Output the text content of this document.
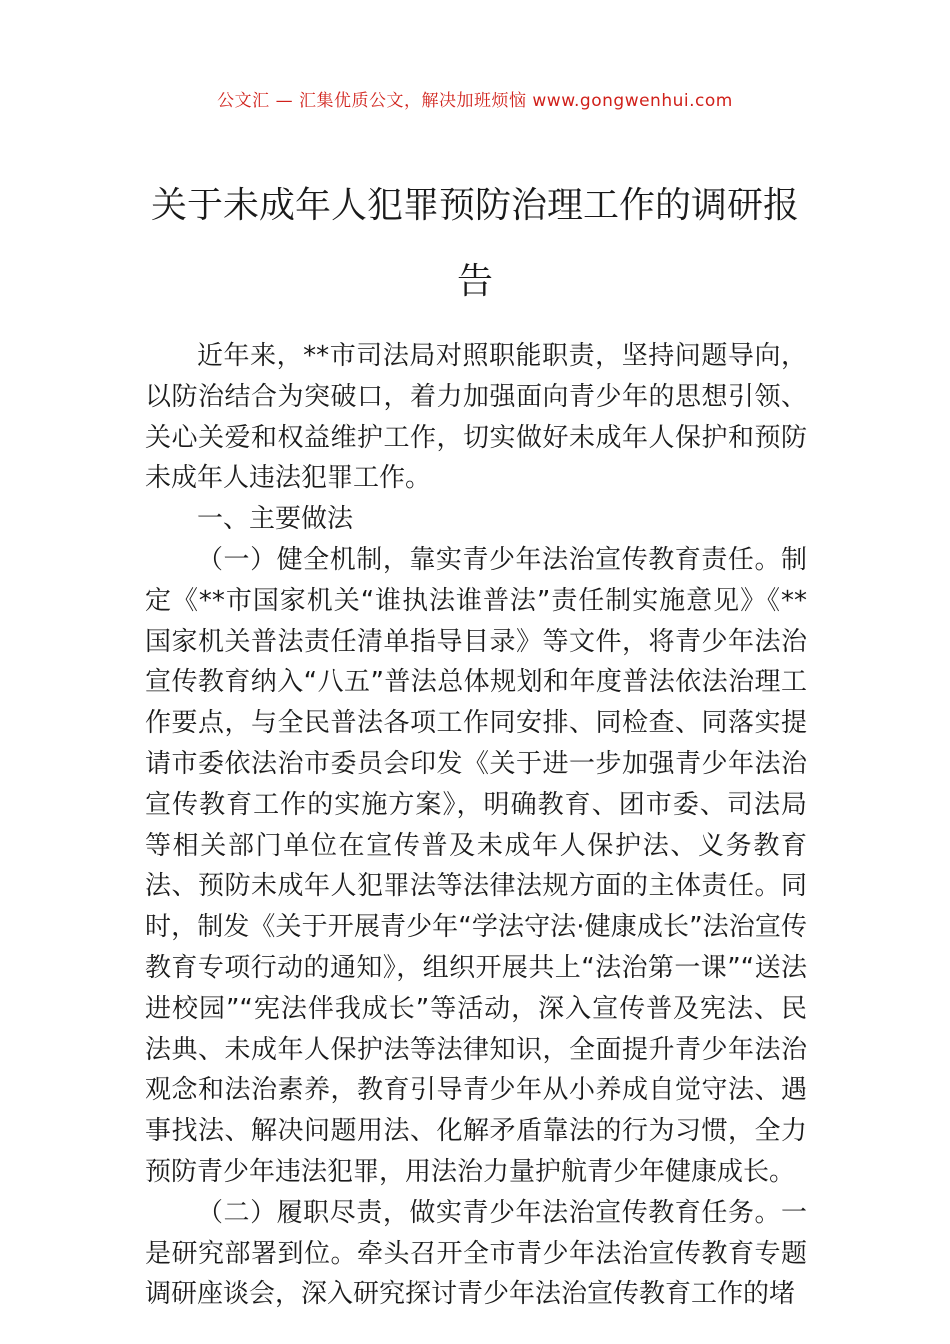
公文汇 — 汇集优质公文，解决加班烦恼 www.gongwenhui.com
关于未成年人犯罪预防治理工作的调研报告

近年来，**市司法局对照职能职责，坚持问题导向，以防治结合为突破口，着力加强面向青少年的思想引领、关心关爱和权益维护工作，切实做好未成年人保护和预防未成年人违法犯罪工作。

一、主要做法

（一）健全机制，靠实青少年法治宣传教育责任。制定《**市国家机关“谁执法谁普法”责任制实施意见》《**国家机关普法责任清单指导目录》等文件，将青少年法治宣传教育纳入“八五”普法总体规划和年度普法依法治理工作要点，与全民普法各项工作同安排、同检查、同落实提请市委依法治市委员会印发《关于进一步加强青少年法治宣传教育工作的实施方案》，明确教育、团市委、司法局等相关部门单位在宣传普及未成年人保护法、义务教育法、预防未成年人犯罪法等法律法规方面的主体责任。同时，制发《关于开展青少年“学法守法·健康成长”法治宣传教育专项行动的通知》，组织开展共上“法治第一课”“送法进校园”“宪法伴我成长”等活动，深入宣传普及宪法、民法典、未成年人保护法等法律知识，全面提升青少年法治观念和法治素养，教育引导青少年从小养成自觉守法、遇事找法、解决问题用法、化解矛盾靠法的行为习惯，全力预防青少年违法犯罪，用法治力量护航青少年健康成长。

（二）履职尽责，做实青少年法治宣传教育任务。一是研究部署到位。牵头召开全市青少年法治宣传教育专题调研座谈会，深入研究探讨青少年法治宣传教育工作的堵
